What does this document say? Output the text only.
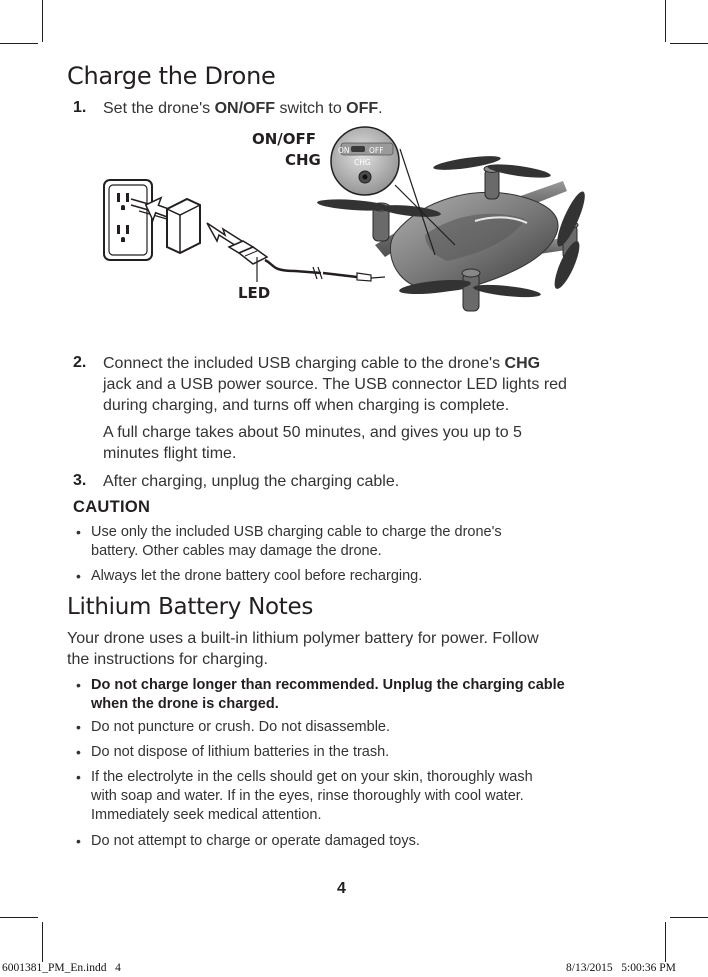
Charge the Drone
1. Set the drone's ON/OFF switch to OFF.
ON	OFF
CHG
ON/OFF
CHG
LED
2. Connect the included USB charging cable to the drone's CHG
jack and a USB power source. The USB connector LED lights red
during charging, and turns off when charging is complete.
A full charge takes about 50 minutes, and gives you up to 5
minutes flight time.
3. After charging, unplug the charging cable.
CAUTION
• Use only the included USB charging cable to charge the drone's
battery. Other cables may damage the drone.
• Always let the drone battery cool before recharging.
Lithium Battery Notes
Your drone uses a built-in lithium polymer battery for power. Follow
the instructions for charging.
• Do not charge longer than recommended. Unplug the charging cable
when the drone is charged.
• Do not puncture or crush. Do not disassemble.
• Do not dispose of lithium batteries in the trash.
• If the electrolyte in the cells should get on your skin, thoroughly wash
with soap and water. If in the eyes, rinse thoroughly with cool water.
Immediately seek medical attention.
• Do not attempt to charge or operate damaged toys.
4
6001381_PM_En.indd   4	8/13/2015   5:00:36 PM
